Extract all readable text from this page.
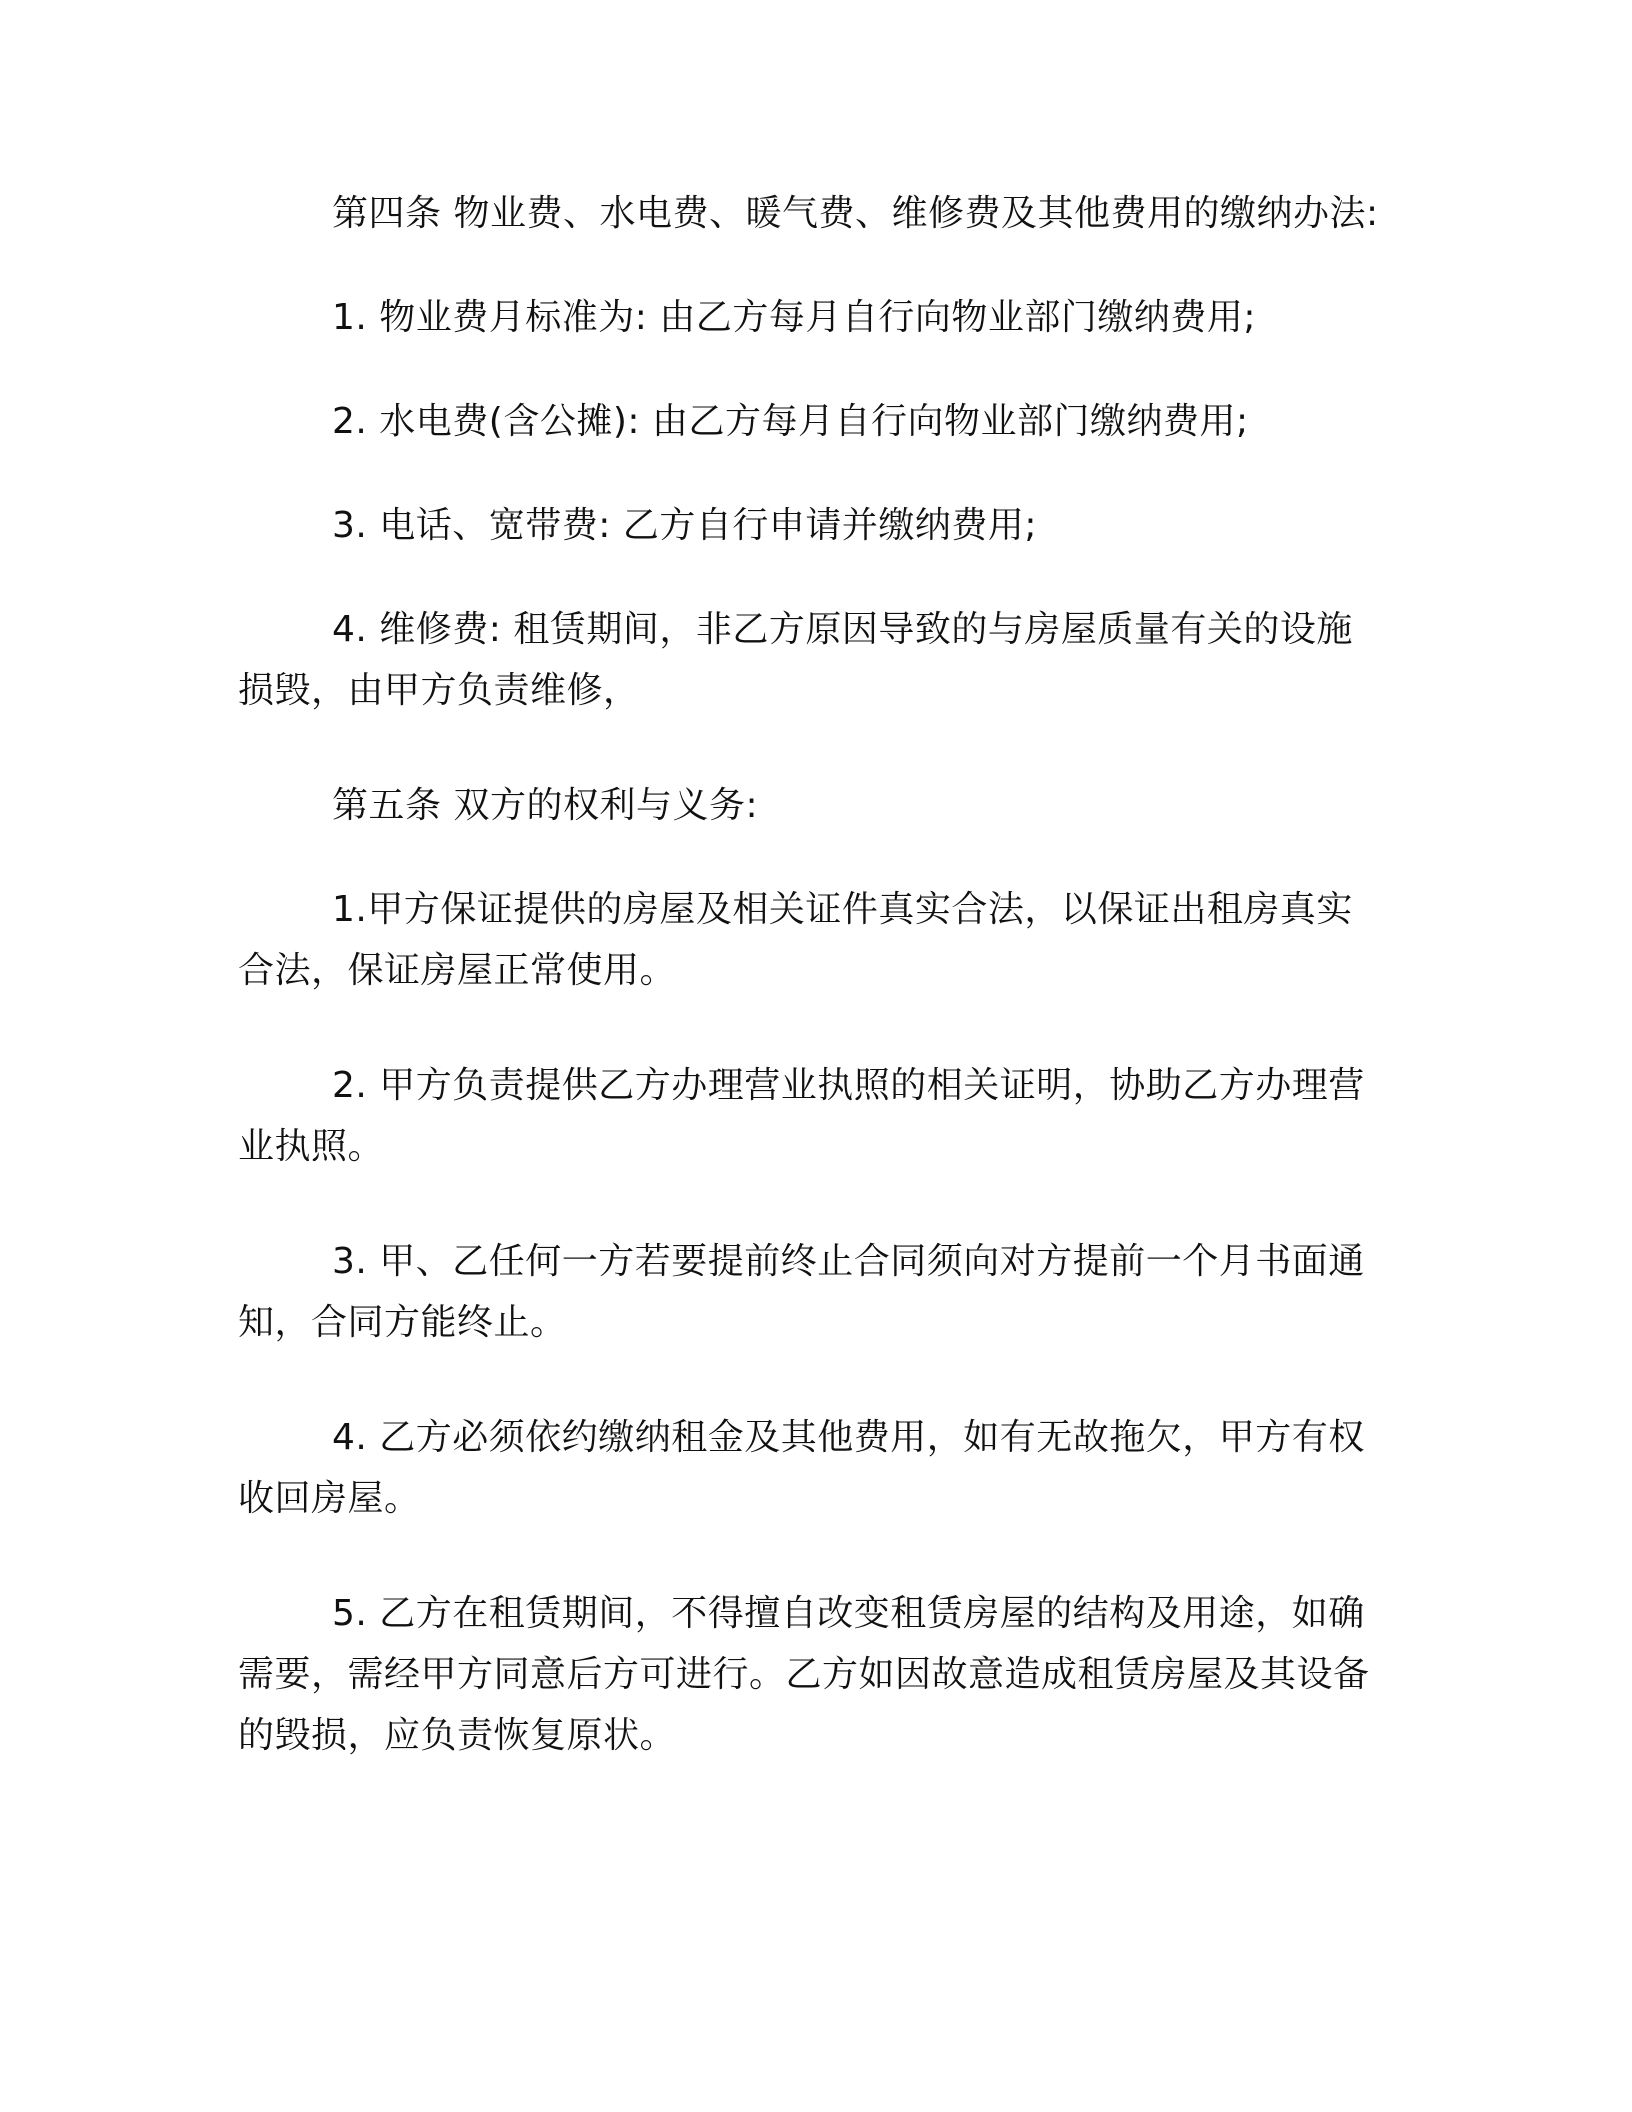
第四条 物业费、水电费、暖气费、维修费及其他费用的缴纳办法:

1. 物业费月标准为: 由乙方每月自行向物业部门缴纳费用;

2. 水电费(含公摊): 由乙方每月自行向物业部门缴纳费用;

3. 电话、宽带费: 乙方自行申请并缴纳费用;

4. 维修费: 租赁期间，非乙方原因导致的与房屋质量有关的设施损毁，由甲方负责维修，

第五条 双方的权利与义务:

1.甲方保证提供的房屋及相关证件真实合法，以保证出租房真实合法，保证房屋正常使用。

2. 甲方负责提供乙方办理营业执照的相关证明，协助乙方办理营业执照。

3. 甲、乙任何一方若要提前终止合同须向对方提前一个月书面通知，合同方能终止。

4. 乙方必须依约缴纳租金及其他费用，如有无故拖欠，甲方有权收回房屋。

5. 乙方在租赁期间，不得擅自改变租赁房屋的结构及用途，如确需要，需经甲方同意后方可进行。乙方如因故意造成租赁房屋及其设备的毁损，应负责恢复原状。
